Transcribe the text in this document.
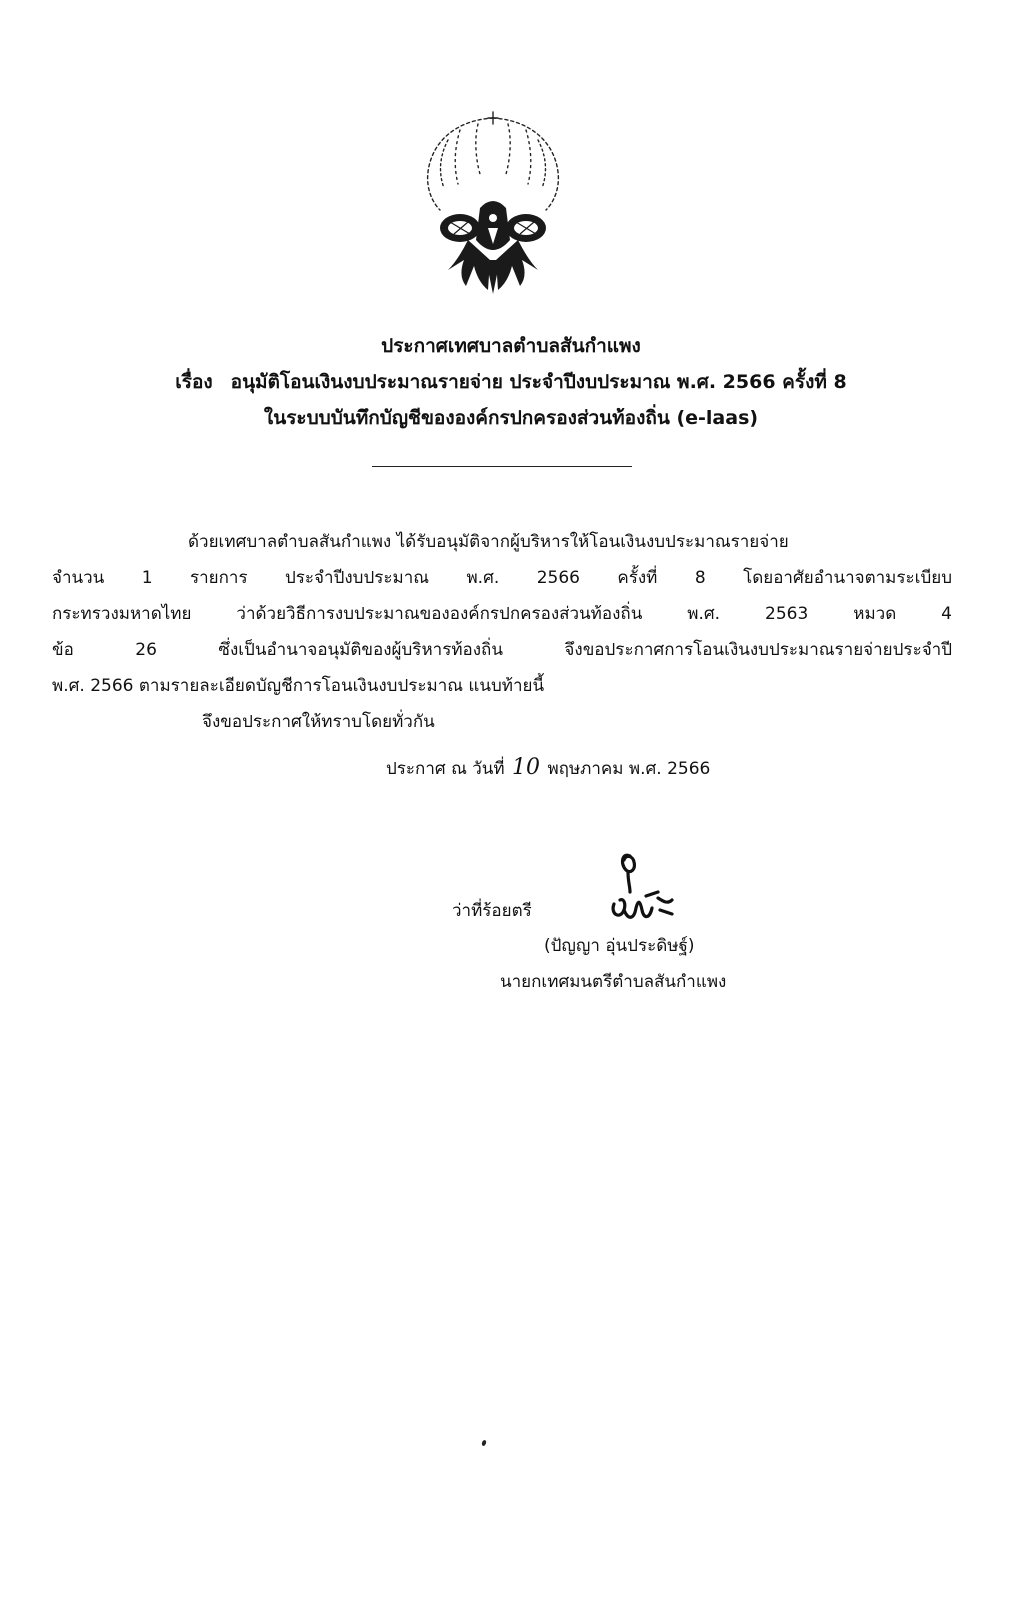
ประกาศเทศบาลตำบลสันกำแพง
เรื่อง อนุมัติโอนเงินงบประมาณรายจ่าย ประจำปีงบประมาณ พ.ศ. 2566 ครั้งที่ 8
ในระบบบันทึกบัญชีขององค์กรปกครองส่วนท้องถิ่น (e-laas)
ด้วยเทศบาลตำบลสันกำแพง ได้รับอนุมัติจากผู้บริหารให้โอนเงินงบประมาณรายจ่าย
จำนวน 1 รายการ ประจำปีงบประมาณ พ.ศ. 2566 ครั้งที่ 8 โดยอาศัยอำนาจตามระเบียบ
กระทรวงมหาดไทย ว่าด้วยวิธีการงบประมาณขององค์กรปกครองส่วนท้องถิ่น พ.ศ. 2563 หมวด 4
ข้อ 26 ซึ่งเป็นอำนาจอนุมัติของผู้บริหารท้องถิ่น จึงขอประกาศการโอนเงินงบประมาณรายจ่ายประจำปี
พ.ศ. 2566 ตามรายละเอียดบัญชีการโอนเงินงบประมาณ แนบท้ายนี้
จึงขอประกาศให้ทราบโดยทั่วกัน
ประกาศ ณ วันที่ 10 พฤษภาคม พ.ศ. 2566
ว่าที่ร้อยตรี
(ปัญญา อุ่นประดิษฐ์)
นายกเทศมนตรีตำบลสันกำแพง
